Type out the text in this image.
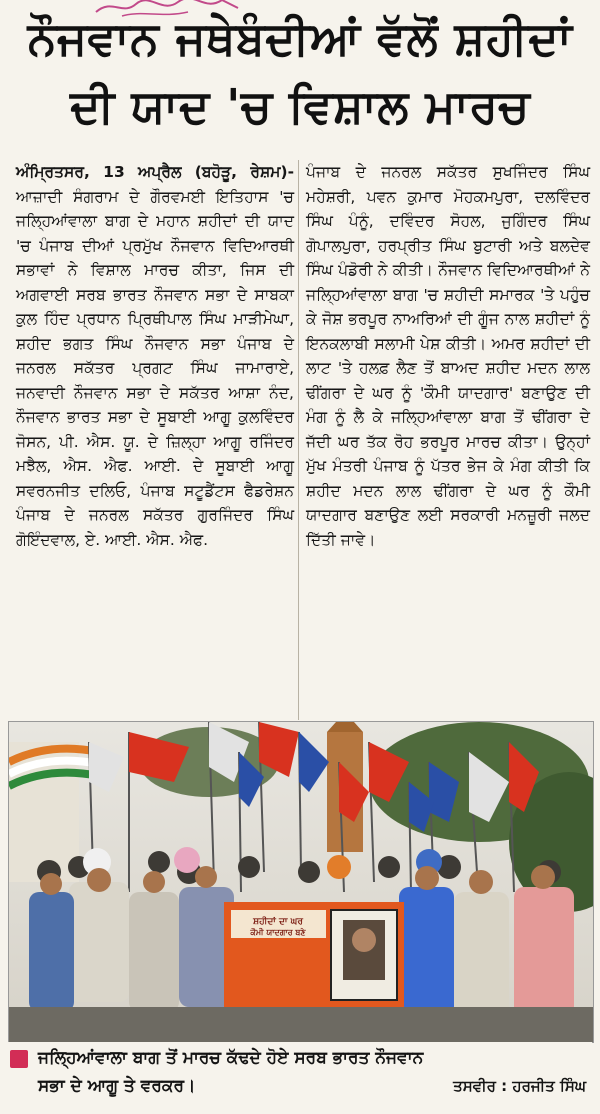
ਨੌਜਵਾਨ ਜਥੇਬੰਦੀਆਂ ਵੱਲੋਂ ਸ਼ਹੀਦਾਂ
ਦੀ ਯਾਦ 'ਚ ਵਿਸ਼ਾਲ ਮਾਰਚ

ਅੰਮ੍ਰਿਤਸਰ, 13 ਅਪ੍ਰੈਲ (ਬਹੋੜੂ, ਰੇਸ਼ਮ)-ਆਜ਼ਾਦੀ ਸੰਗਰਾਮ ਦੇ ਗੌਰਵਮਈ ਇਤਿਹਾਸ 'ਚ ਜਲ੍ਹਿਆਂਵਾਲਾ ਬਾਗ ਦੇ ਮਹਾਨ ਸ਼ਹੀਦਾਂ ਦੀ ਯਾਦ 'ਚ ਪੰਜਾਬ ਦੀਆਂ ਪ੍ਰਮੁੱਖ ਨੌਜਵਾਨ ਵਿਦਿਆਰਥੀ ਸਭਾਵਾਂ ਨੇ ਵਿਸ਼ਾਲ ਮਾਰਚ ਕੀਤਾ, ਜਿਸ ਦੀ ਅਗਵਾਈ ਸਰਬ ਭਾਰਤ ਨੌਜਵਾਨ ਸਭਾ ਦੇ ਸਾਬਕਾ ਕੁਲ ਹਿੰਦ ਪ੍ਰਧਾਨ ਪ੍ਰਿਥੀਪਾਲ ਸਿੰਘ ਮਾੜੀਮੇਘਾ, ਸ਼ਹੀਦ ਭਗਤ ਸਿੰਘ ਨੌਜਵਾਨ ਸਭਾ ਪੰਜਾਬ ਦੇ ਜਨਰਲ ਸਕੱਤਰ ਪ੍ਰਗਟ ਸਿੰਘ ਜਾਮਾਰਾਏ, ਜਨਵਾਦੀ ਨੌਜਵਾਨ ਸਭਾ ਦੇ ਸਕੱਤਰ ਆਸ਼ਾ ਨੰਦ, ਨੌਜਵਾਨ ਭਾਰਤ ਸਭਾ ਦੇ ਸੂਬਾਈ ਆਗੂ ਕੁਲਵਿੰਦਰ ਜੋਸਨ, ਪੀ. ਐਸ. ਯੂ. ਦੇ ਜ਼ਿਲ੍ਹਾ ਆਗੂ ਰਜਿੰਦਰ ਮਝੈਲ, ਐਸ. ਐਫ. ਆਈ. ਦੇ ਸੂਬਾਈ ਆਗੂ ਸਵਰਨਜੀਤ ਦਲਿਓ, ਪੰਜਾਬ ਸਟੂਡੈਂਟਸ ਫੈਡਰੇਸ਼ਨ ਪੰਜਾਬ ਦੇ ਜਨਰਲ ਸਕੱਤਰ ਗੁਰਜਿੰਦਰ ਸਿੰਘ ਗੋਇੰਦਵਾਲ, ਏ. ਆਈ. ਐਸ. ਐਫ.

ਪੰਜਾਬ ਦੇ ਜਨਰਲ ਸਕੱਤਰ ਸੁਖਜਿੰਦਰ ਸਿੰਘ ਮਹੇਸ਼ਰੀ, ਪਵਨ ਕੁਮਾਰ ਮੋਹਕਮਪੁਰਾ, ਦਲਵਿੰਦਰ ਸਿੰਘ ਪੰਨੂੰ, ਦਵਿੰਦਰ ਸੋਹਲ, ਜੁਗਿੰਦਰ ਸਿੰਘ ਗੋਪਾਲਪੁਰਾ, ਹਰਪ੍ਰੀਤ ਸਿੰਘ ਬੁਟਾਰੀ ਅਤੇ ਬਲਦੇਵ ਸਿੰਘ ਪੰਡੋਰੀ ਨੇ ਕੀਤੀ। ਨੌਜਵਾਨ ਵਿਦਿਆਰਥੀਆਂ ਨੇ ਜਲ੍ਹਿਆਂਵਾਲਾ ਬਾਗ 'ਚ ਸ਼ਹੀਦੀ ਸਮਾਰਕ 'ਤੇ ਪਹੁੰਚ ਕੇ ਜੋਸ਼ ਭਰਪੂਰ ਨਾਅਰਿਆਂ ਦੀ ਗੂੰਜ ਨਾਲ ਸ਼ਹੀਦਾਂ ਨੂੰ ਇਨਕਲਾਬੀ ਸਲਾਮੀ ਪੇਸ਼ ਕੀਤੀ। ਅਮਰ ਸ਼ਹੀਦਾਂ ਦੀ ਲਾਟ 'ਤੇ ਹਲਫ਼ ਲੈਣ ਤੋਂ ਬਾਅਦ ਸ਼ਹੀਦ ਮਦਨ ਲਾਲ ਢੀਂਗਰਾ ਦੇ ਘਰ ਨੂੰ 'ਕੌਮੀ ਯਾਦਗਾਰ' ਬਣਾਉਣ ਦੀ ਮੰਗ ਨੂੰ ਲੈ ਕੇ ਜਲ੍ਹਿਆਂਵਾਲਾ ਬਾਗ ਤੋਂ ਢੀਂਗਰਾ ਦੇ ਜੱਦੀ ਘਰ ਤੱਕ ਰੋਹ ਭਰਪੂਰ ਮਾਰਚ ਕੀਤਾ। ਉਨ੍ਹਾਂ ਮੁੱਖ ਮੰਤਰੀ ਪੰਜਾਬ ਨੂੰ ਪੱਤਰ ਭੇਜ ਕੇ ਮੰਗ ਕੀਤੀ ਕਿ ਸ਼ਹੀਦ ਮਦਨ ਲਾਲ ਢੀਂਗਰਾ ਦੇ ਘਰ ਨੂੰ ਕੌਮੀ ਯਾਦਗਾਰ ਬਣਾਉਣ ਲਈ ਸਰਕਾਰੀ ਮਨਜ਼ੂਰੀ ਜਲਦ ਦਿੱਤੀ ਜਾਵੇ।

ਸ਼ਹੀਦਾਂ ਦਾ ਘਰ
ਕੌਮੀ ਯਾਦਗਾਰ ਬਣੇ
ਜਲ੍ਹਿਆਂਵਾਲਾ ਬਾਗ ਤੋਂ ਮਾਰਚ ਕੱਢਦੇ ਹੋਏ ਸਰਬ ਭਾਰਤ ਨੌਜਵਾਨ
ਸਭਾ ਦੇ ਆਗੂ ਤੇ ਵਰਕਰ।	ਤਸਵੀਰ : ਹਰਜੀਤ ਸਿੰਘ
